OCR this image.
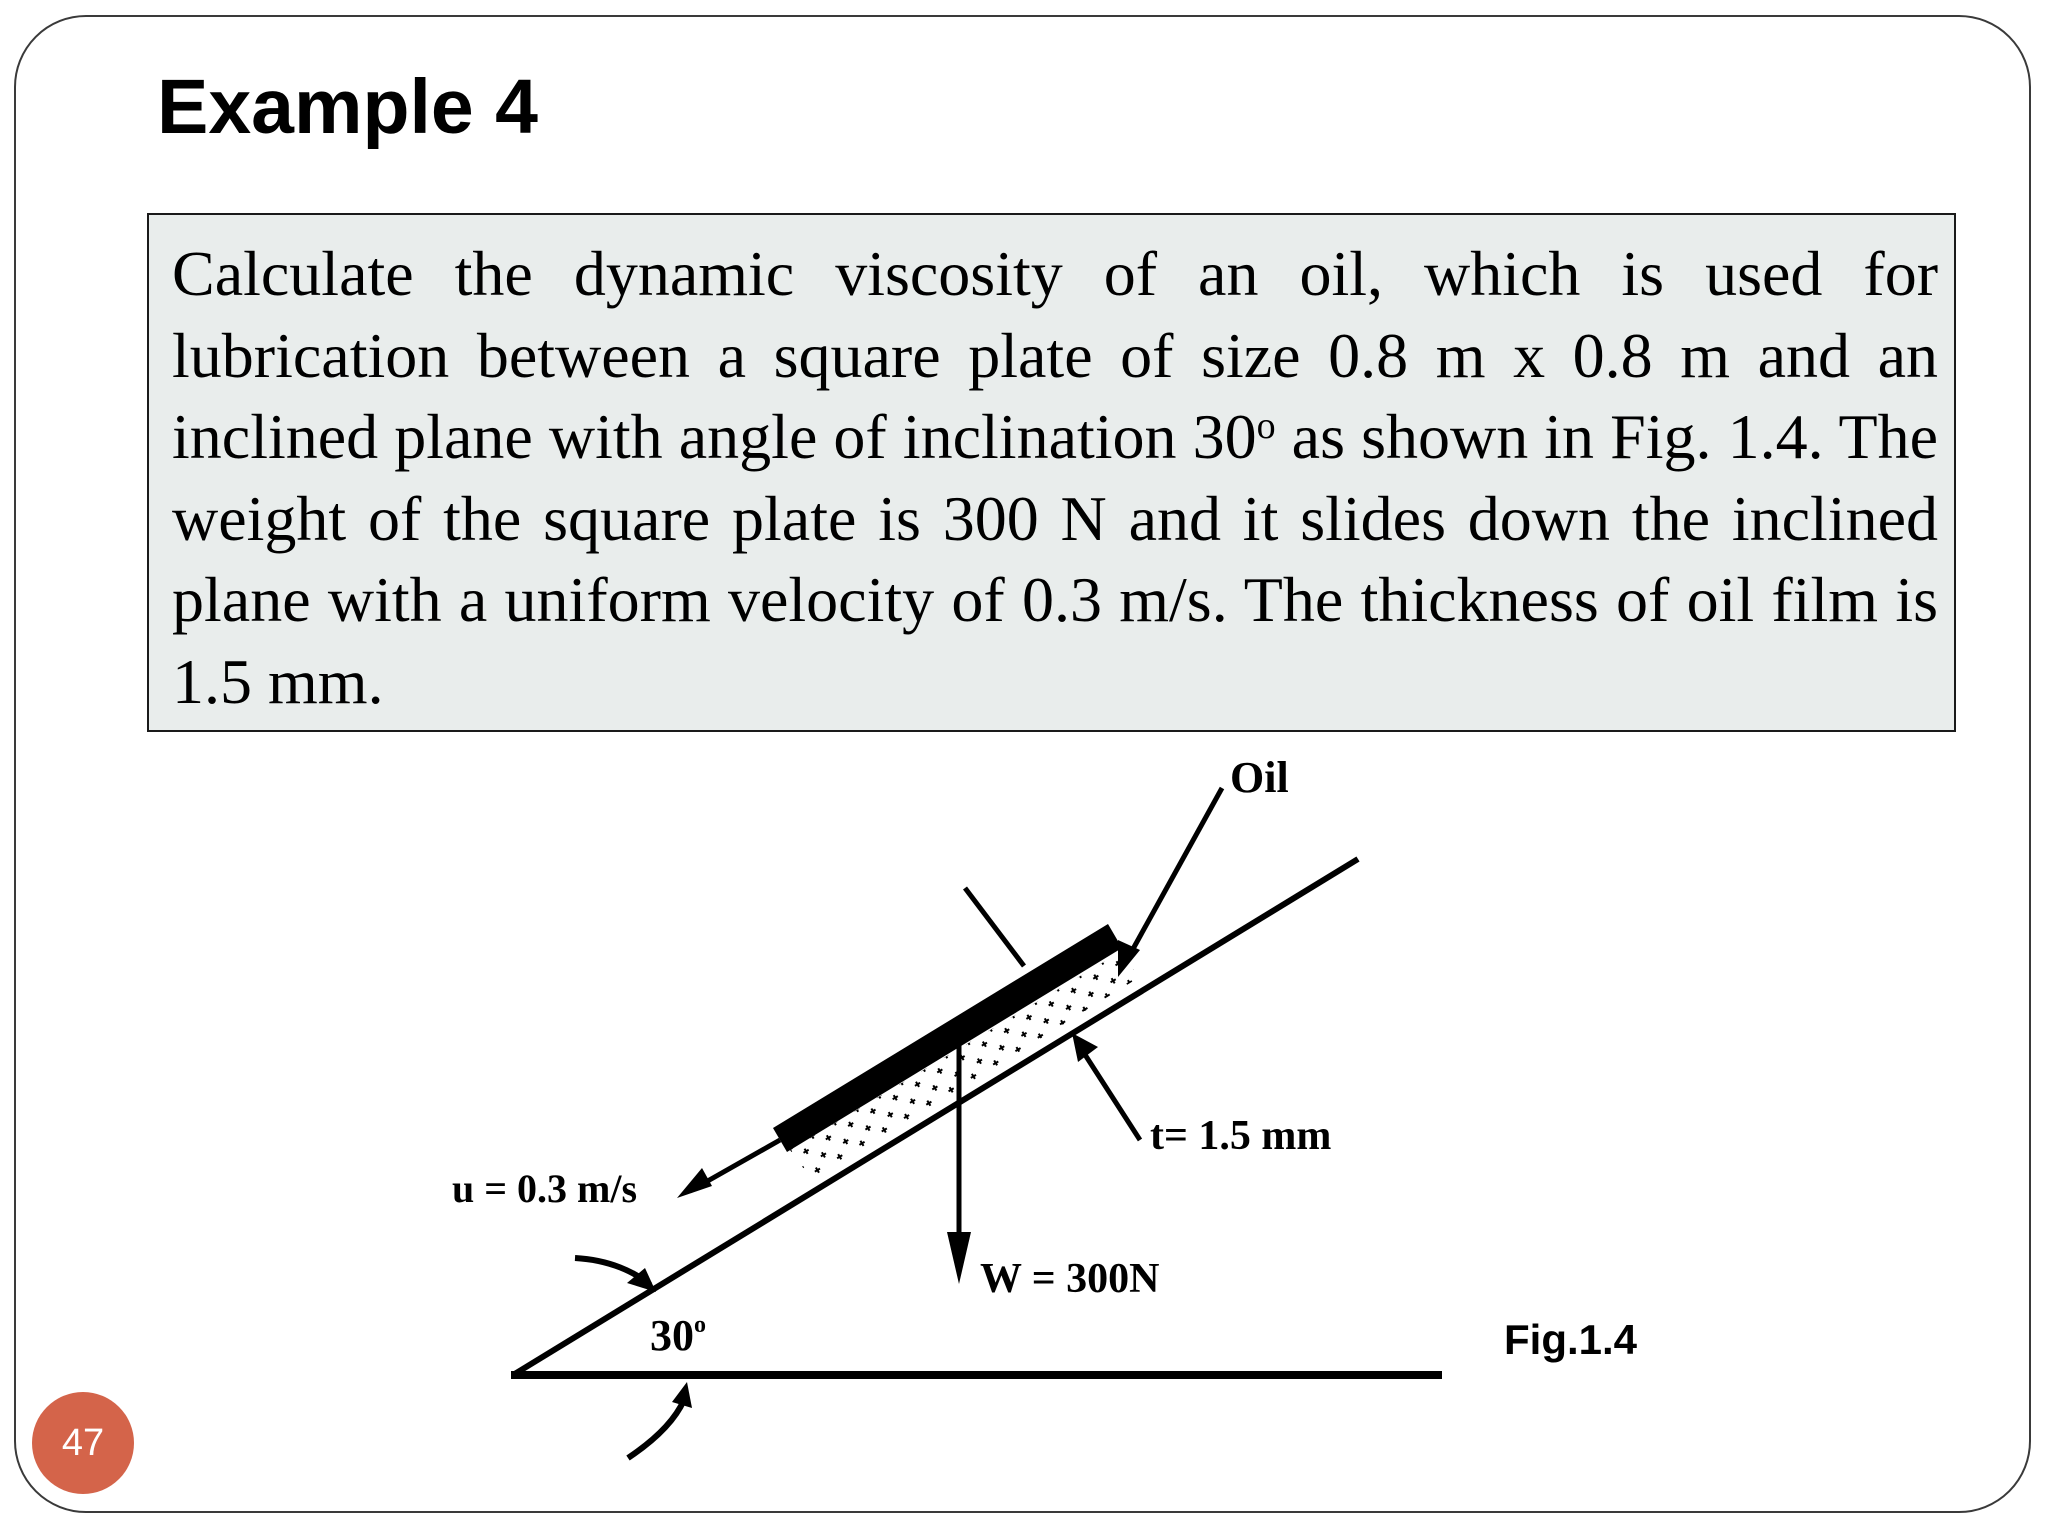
Example 4

Calculate the dynamic viscosity of an oil, which is used for lubrication between a square plate of size 0.8 m x 0.8 m and an inclined plane with angle of inclination 30$^o$ as shown in Fig. 1.4. The weight of the square plate is 300 N and it slides down the inclined plane with a uniform velocity of 0.3 m/s. The thickness of oil film is 1.5 mm.

Oil
t= 1.5 mm
u = 0.3 m/s
W = 300N
30$^o$	Fig.1.4
47
